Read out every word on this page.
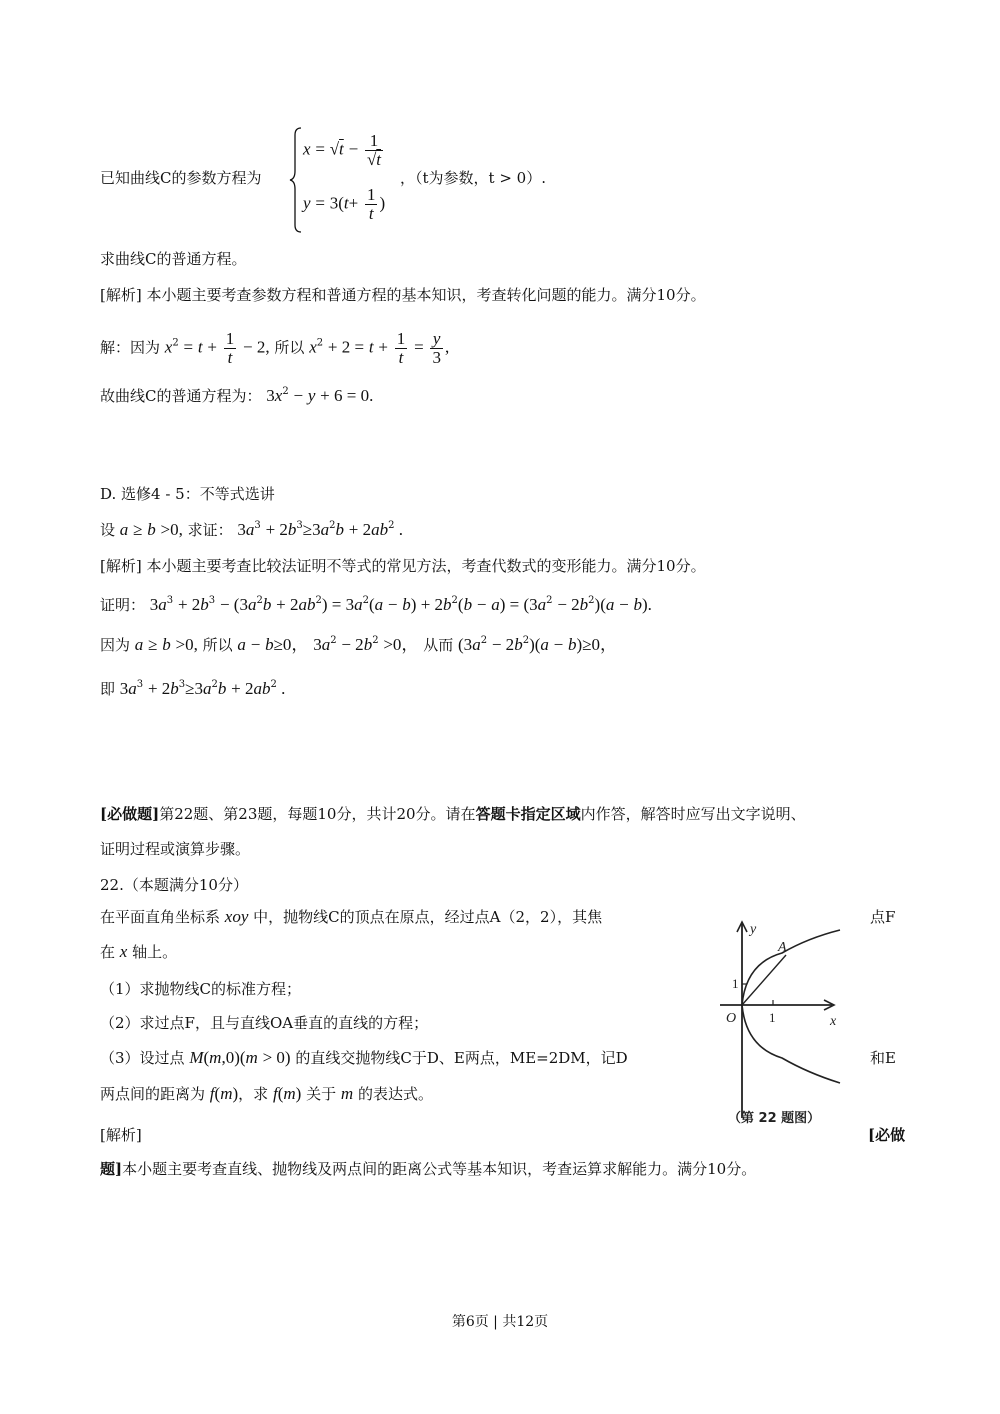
已知曲线C的参数方程为
$x = √t - \frac{1}{√t}$
$y = 3(t+ \frac{1}{t}$ )
，（t为参数，t > 0）.
求曲线C的普通方程。
[解析] 本小题主要考查参数方程和普通方程的基本知识，考查转化问题的能力。满分10分。
解：因为 $x^2 = t + \frac{1}{t} - 2$, 所以 $x^2 + 2 = t + \frac{1}{t} = \frac{y}{3}$ ,
故曲线C的普通方程为： $3x^2 - y + 6 = 0$.
D. 选修4 - 5：不等式选讲
设 a ≥ b >0, 求证： $3a^3 + 2b^3\ge 3a^2b + 2ab^2$ .
[解析] 本小题主要考查比较法证明不等式的常见方法，考查代数式的变形能力。满分10分。
证明： $3a^3 + 2b^3 - (3a^2b + 2ab^2) = 3a^2(a - b) + 2b^2(b - a) = (3a^2 - 2b^2)(a - b)$.
因为 a ≥ b >0, 所以 a − b≥0， $3a^2 - 2b^2 >0$， 从而 $(3a^2 - 2b^2)(a - b)\ge 0$，
即 $3a^3 + 2b^3\ge 3a^2b + 2ab^2$ .
[必做题]第22题、第23题，每题10分，共计20分。请在答题卡指定区域内作答，解答时应写出文字说明、
证明过程或演算步骤。
22.（本题满分10分）
在平面直角坐标系 xoy 中，抛物线C的顶点在原点，经过点A（2，2），其焦	点F
在 x 轴上。
（1）求抛物线C的标准方程；
（2）求过点F，且与直线OA垂直的直线的方程；
（3）设过点 M(m,0)(m > 0) 的直线交抛物线C于D、E两点，ME=2DM，记D	和E
两点间的距离为 f(m)，求 f(m) 关于 m 的表达式。
[解析]	[必做
题]本小题主要考查直线、抛物线及两点间的距离公式等基本知识，考查运算求解能力。满分10分。
y
x
O
1
1
A
（第 22 题图）
第6页 | 共12页
